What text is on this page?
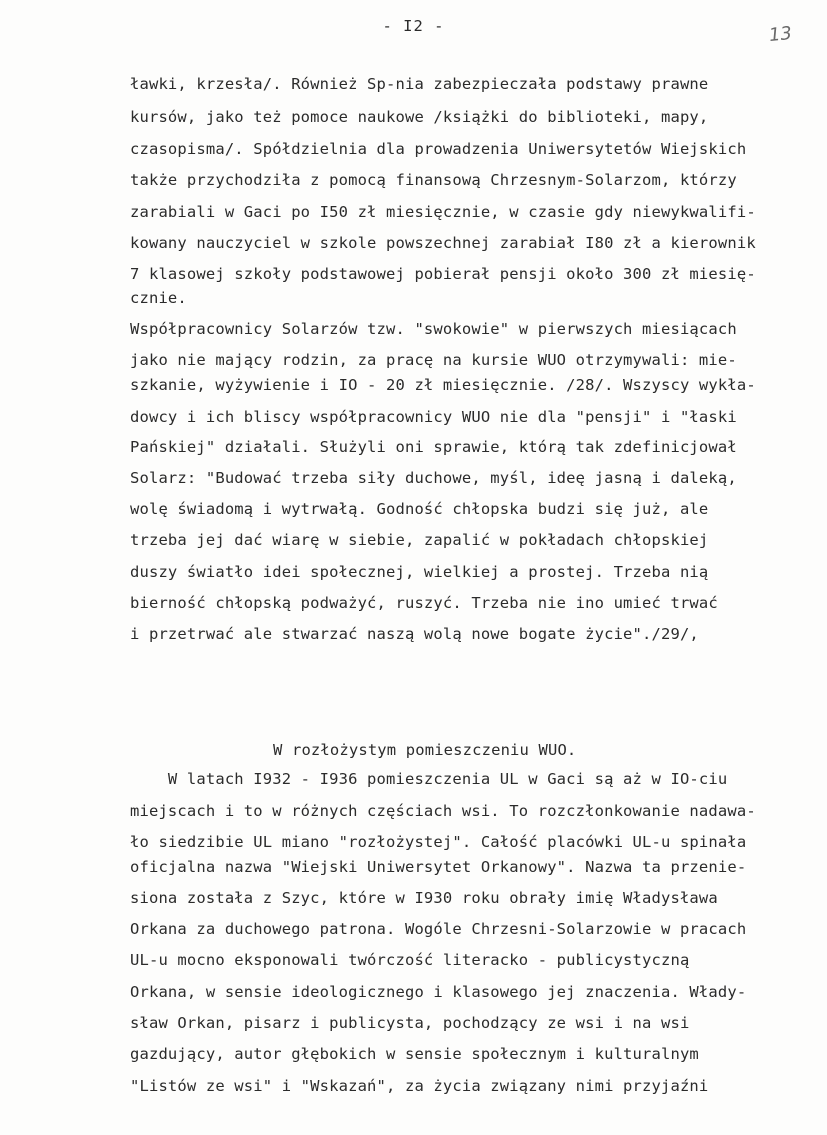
- I2 -	13
ławki, krzesła/. Również Sp-nia zabezpieczała podstawy prawne
kursów, jako też pomoce naukowe /książki do biblioteki, mapy,
czasopisma/. Spółdzielnia dla prowadzenia Uniwersytetów Wiejskich
także przychodziła z pomocą finansową Chrzesnym-Solarzom, którzy
zarabiali w Gaci po I50 zł miesięcznie, w czasie gdy niewykwalifi-
kowany nauczyciel w szkole powszechnej zarabiał I80 zł a kierownik
7 klasowej szkoły podstawowej pobierał pensji około 300 zł miesię-
cznie.
Współpracownicy Solarzów tzw. "swokowie" w pierwszych miesiącach
jako nie mający rodzin, za pracę na kursie WUO otrzymywali: mie-
szkanie, wyżywienie i IO - 20 zł miesięcznie. /28/. Wszyscy wykła-
dowcy i ich bliscy współpracownicy WUO nie dla "pensji" i "łaski
Pańskiej" działali. Służyli oni sprawie, którą tak zdefinicjował
Solarz: "Budować trzeba siły duchowe, myśl, ideę jasną i daleką,
wolę świadomą i wytrwałą. Godność chłopska budzi się już, ale
trzeba jej dać wiarę w siebie, zapalić w pokładach chłopskiej
duszy światło idei społecznej, wielkiej a prostej. Trzeba nią
bierność chłopską podważyć, ruszyć. Trzeba nie ino umieć trwać
i przetrwać ale stwarzać naszą wolą nowe bogate życie"./29/,
W rozłożystym pomieszczeniu WUO.
W latach I932 - I936 pomieszczenia UL w Gaci są aż w IO-ciu
miejscach i to w różnych częściach wsi. To rozczłonkowanie nadawa-
ło siedzibie UL miano "rozłożystej". Całość placówki UL-u spinała
oficjalna nazwa "Wiejski Uniwersytet Orkanowy". Nazwa ta przenie-
siona została z Szyc, które w I930 roku obrały imię Władysława
Orkana za duchowego patrona. Wogóle Chrzesni-Solarzowie w pracach
UL-u mocno eksponowali twórczość literacko - publicystyczną
Orkana, w sensie ideologicznego i klasowego jej znaczenia. Włady-
sław Orkan, pisarz i publicysta, pochodzący ze wsi i na wsi
gazdujący, autor głębokich w sensie społecznym i kulturalnym
"Listów ze wsi" i "Wskazań", za życia związany nimi przyjaźni
